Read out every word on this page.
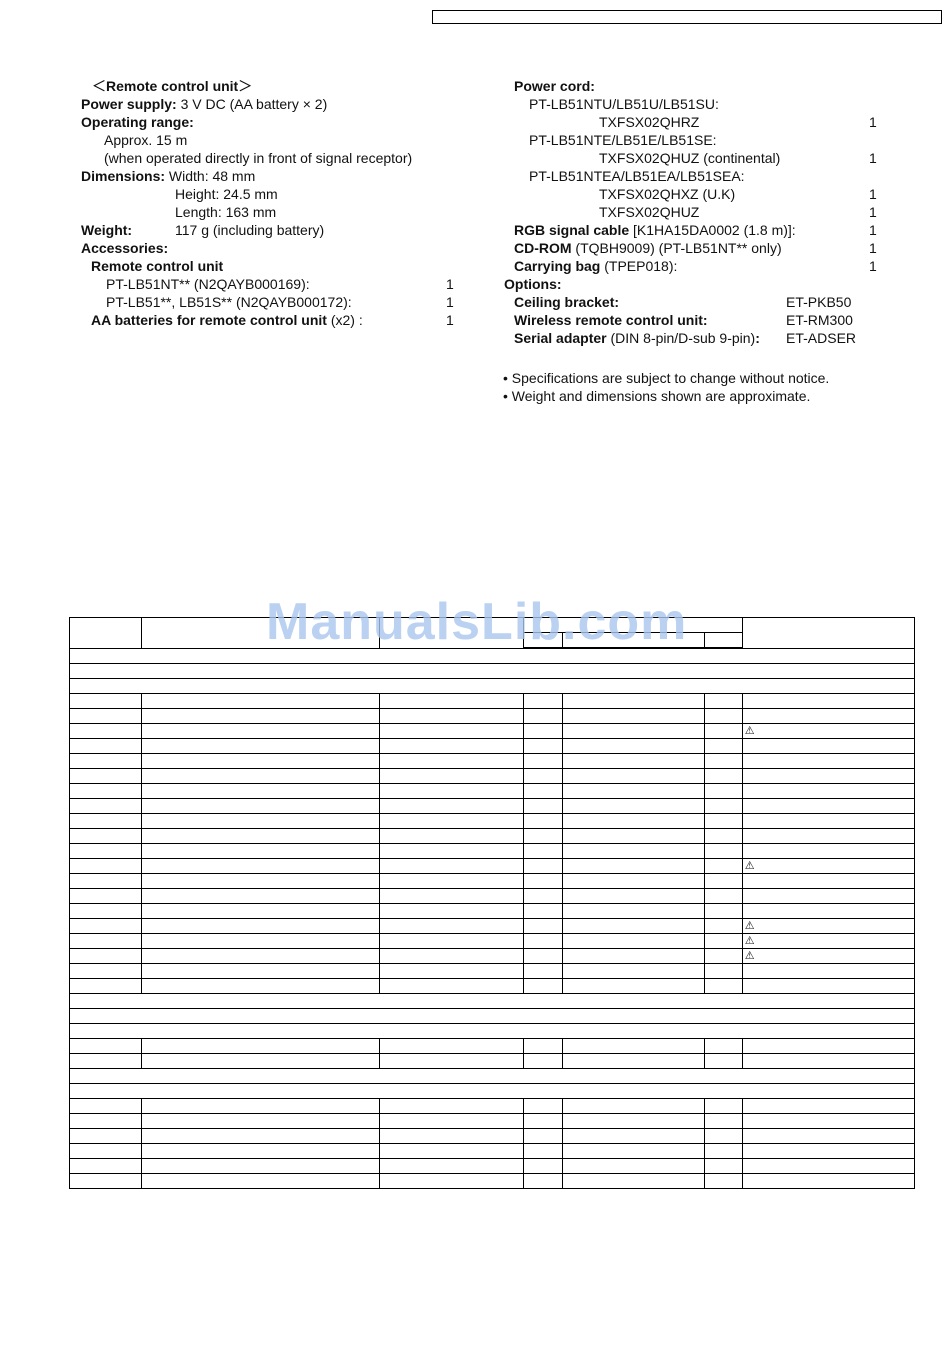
＜Remote control unit＞
Power supply: 3 V DC (AA battery × 2)
Operating range:
Approx. 15 m
(when operated directly in front of signal receptor)
Dimensions: Width: 48 mm
Height: 24.5 mm
Length: 163 mm
Weight:	117 g (including battery)
Accessories:
Remote control unit
PT-LB51NT** (N2QAYB000169):	1
PT-LB51**, LB51S** (N2QAYB000172):	1
AA batteries for remote control unit (x2) :	1
Power cord:
PT-LB51NTU/LB51U/LB51SU:
TXFSX02QHRZ	1
PT-LB51NTE/LB51E/LB51SE:
TXFSX02QHUZ (continental)	1
PT-LB51NTEA/LB51EA/LB51SEA:
TXFSX02QHXZ (U.K)	1
TXFSX02QHUZ	1
RGB signal cable [K1HA15DA0002 (1.8 m)]:	1
CD-ROM (TQBH9009) (PT-LB51NT** only)	1
Carrying bag (TPEP018):	1
Options:
Ceiling bracket:	ET-PKB50
Wireless remote control unit:	ET-RM300
Serial adapter (DIN 8-pin/D-sub 9-pin): ET-ADSER
• Specifications are subject to change without notice.
• Weight and dimensions shown are approximate.
ManualsLib.com

						⚠

						⚠

						⚠
						⚠
						⚠
